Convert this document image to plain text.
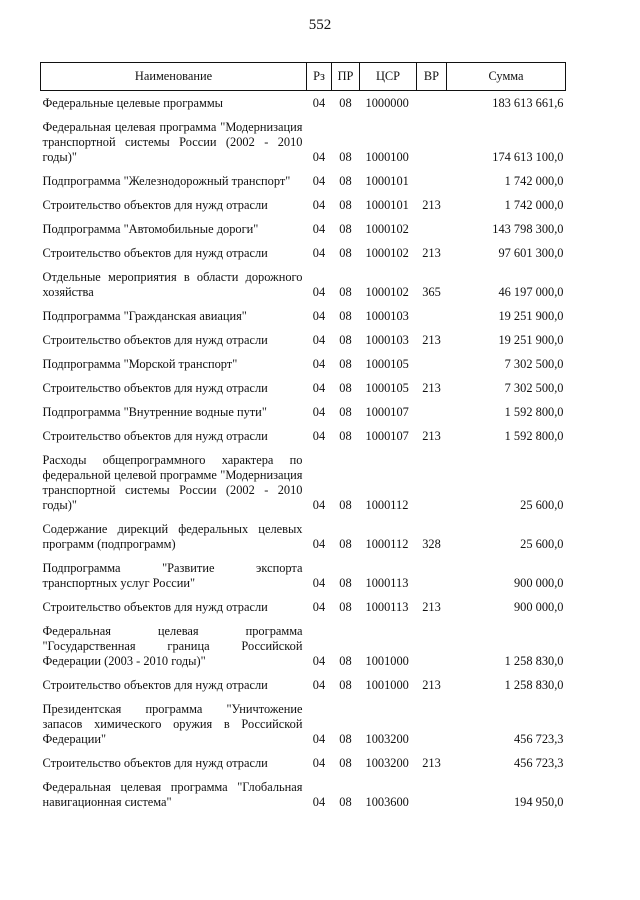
552
Наименование	Рз	ПР	ЦСР	ВР	Сумма
Федеральные целевые программы	04	08	1000000		183 613 661,6
Федеральная целевая программа "Модернизация транспортной системы России (2002 - 2010 годы)"	04	08	1000100		174 613 100,0
Подпрограмма "Железнодорожный транспорт"	04	08	1000101		1 742 000,0
Строительство объектов для нужд отрасли	04	08	1000101	213	1 742 000,0
Подпрограмма "Автомобильные дороги"	04	08	1000102		143 798 300,0
Строительство объектов для нужд отрасли	04	08	1000102	213	97 601 300,0
Отдельные мероприятия в области дорожного хозяйства	04	08	1000102	365	46 197 000,0
Подпрограмма "Гражданская авиация"	04	08	1000103		19 251 900,0
Строительство объектов для нужд отрасли	04	08	1000103	213	19 251 900,0
Подпрограмма "Морской транспорт"	04	08	1000105		7 302 500,0
Строительство объектов для нужд отрасли	04	08	1000105	213	7 302 500,0
Подпрограмма "Внутренние водные пути"	04	08	1000107		1 592 800,0
Строительство объектов для нужд отрасли	04	08	1000107	213	1 592 800,0
Расходы общепрограммного характера по федеральной целевой программе "Модернизация транспортной системы России (2002 - 2010 годы)"	04	08	1000112		25 600,0
Содержание дирекций федеральных целевых программ (подпрограмм)	04	08	1000112	328	25 600,0
Подпрограмма "Развитие экспорта транспортных услуг России"	04	08	1000113		900 000,0
Строительство объектов для нужд отрасли	04	08	1000113	213	900 000,0
Федеральная целевая программа "Государственная граница Российской Федерации (2003 - 2010 годы)"	04	08	1001000		1 258 830,0
Строительство объектов для нужд отрасли	04	08	1001000	213	1 258 830,0
Президентская программа "Уничтожение запасов химического оружия в Российской Федерации"	04	08	1003200		456 723,3
Строительство объектов для нужд отрасли	04	08	1003200	213	456 723,3
Федеральная целевая программа "Глобальная навигационная система"	04	08	1003600		194 950,0
